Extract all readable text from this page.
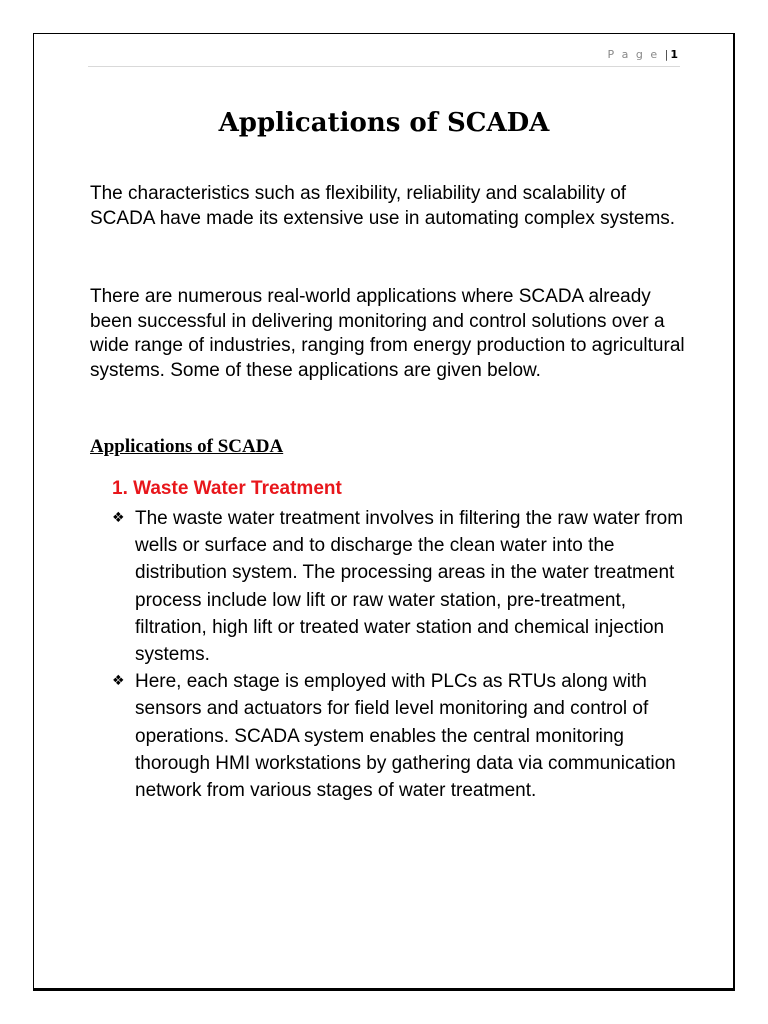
P a g e | 1
Applications of SCADA

The characteristics such as flexibility, reliability and scalability of SCADA have made its extensive use in automating complex systems.

There are numerous real-world applications where SCADA already been successful in delivering monitoring and control solutions over a wide range of industries, ranging from energy production to agricultural systems. Some of these applications are given below.

Applications of SCADA
1. Waste Water Treatment
❖ The waste water treatment involves in filtering the raw water from wells or surface and to discharge the clean water into the distribution system. The processing areas in the water treatment process include low lift or raw water station, pre-treatment, filtration, high lift or treated water station and chemical injection systems.
❖ Here, each stage is employed with PLCs as RTUs along with sensors and actuators for field level monitoring and control of operations. SCADA system enables the central monitoring thorough HMI workstations by gathering data via communication network from various stages of water treatment.
